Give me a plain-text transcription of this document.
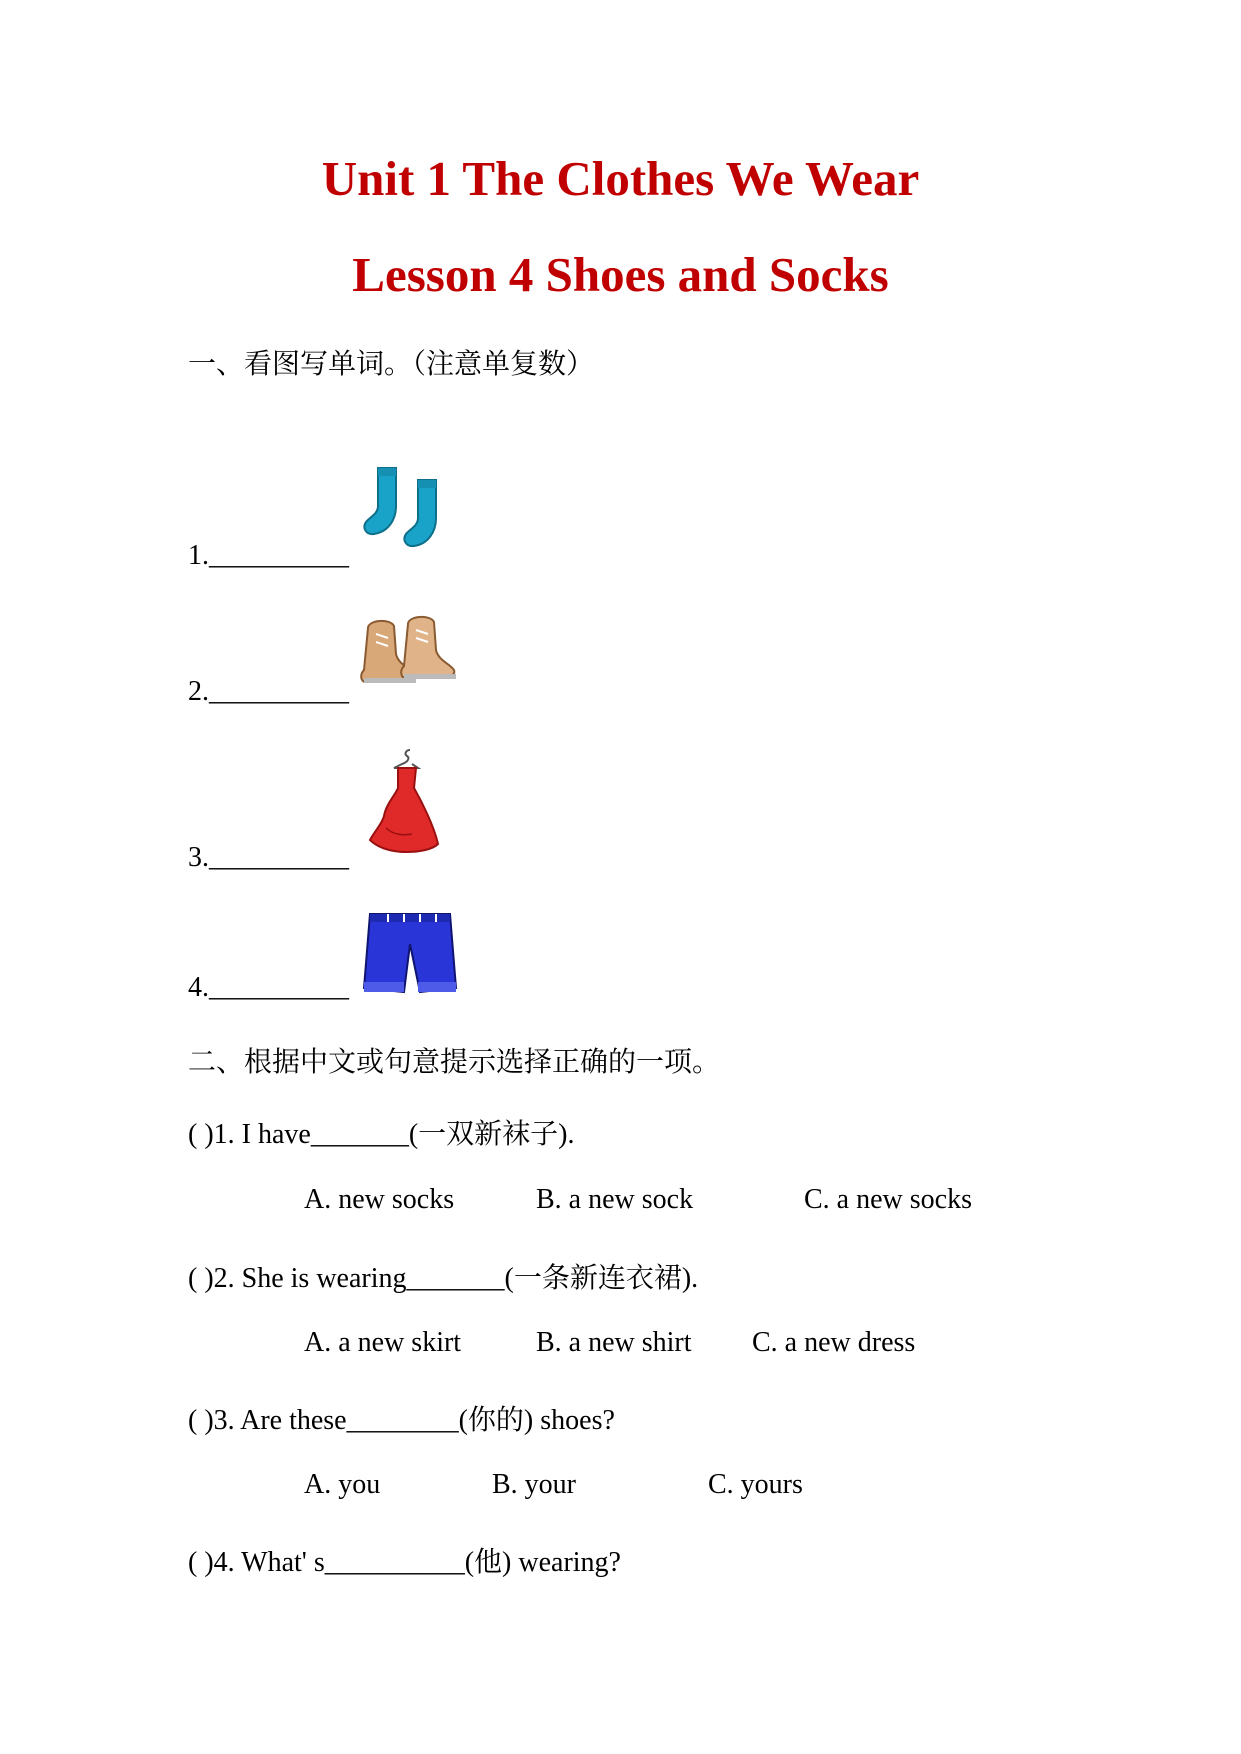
Unit 1 The Clothes We Wear
Lesson 4 Shoes and Socks
一、看图写单词。（注意单复数）
1.__________
2.__________
3.__________
4.__________
二、根据中文或句意提示选择正确的一项。
( )1. I have_______(一双新袜子).
A. new socks	B. a new sock	C. a new socks
( )2. She is wearing_______(一条新连衣裙).
A. a new skirt	B. a new shirt C. a new dress
( )3. Are these________(你的) shoes?
A. you	B. your	C. yours
( )4. What' s__________(他) wearing?
